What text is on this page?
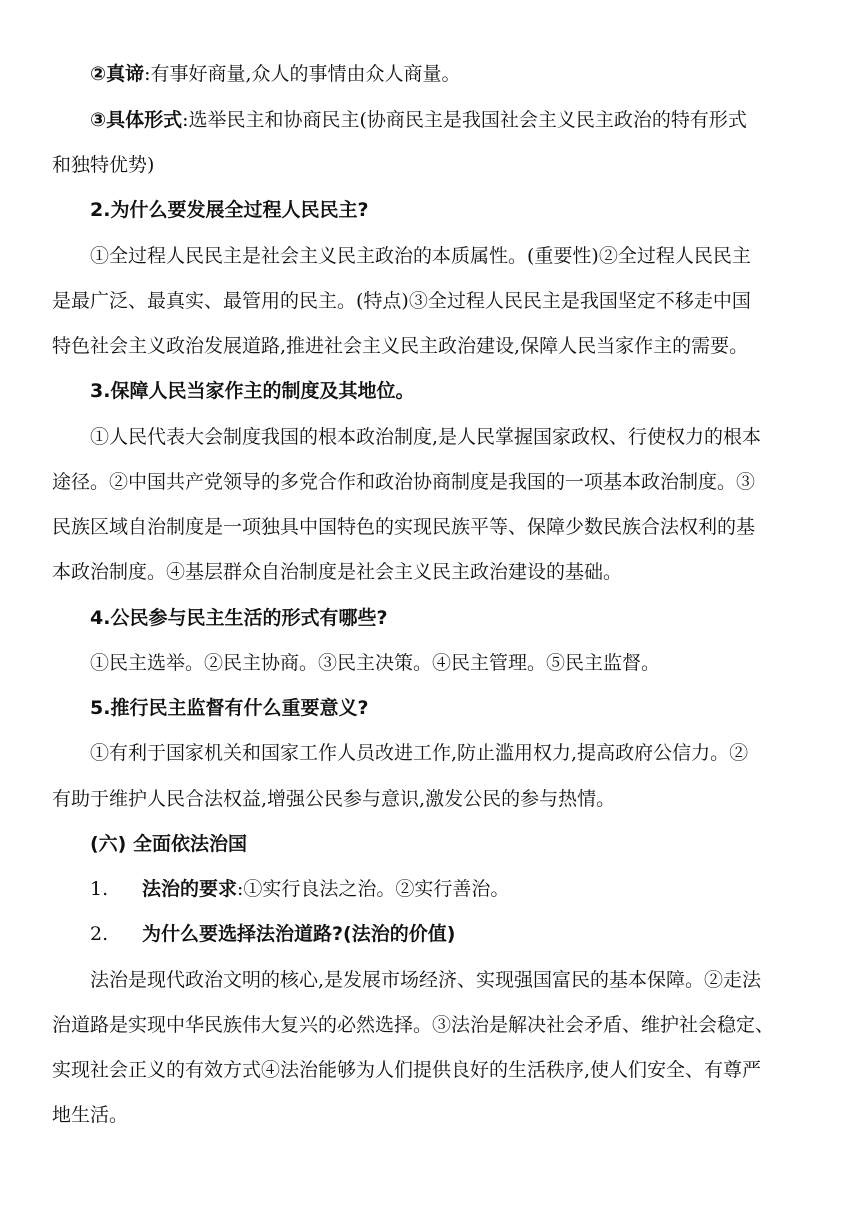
②真谛:有事好商量,众人的事情由众人商量。
③具体形式:选举民主和协商民主(协商民主是我国社会主义民主政治的特有形式
和独特优势)
2.为什么要发展全过程人民民主?
①全过程人民民主是社会主义民主政治的本质属性。(重要性)②全过程人民民主
是最广泛、最真实、最管用的民主。(特点)③全过程人民民主是我国坚定不移走中国
特色社会主义政治发展道路,推进社会主义民主政治建设,保障人民当家作主的需要。
3.保障人民当家作主的制度及其地位。
①人民代表大会制度我国的根本政治制度,是人民掌握国家政权、行使权力的根本
途径。②中国共产党领导的多党合作和政治协商制度是我国的一项基本政治制度。③
民族区域自治制度是一项独具中国特色的实现民族平等、保障少数民族合法权利的基
本政治制度。④基层群众自治制度是社会主义民主政治建设的基础。
4.公民参与民主生活的形式有哪些?
①民主选举。②民主协商。③民主决策。④民主管理。⑤民主监督。
5.推行民主监督有什么重要意义?
①有利于国家机关和国家工作人员改进工作,防止滥用权力,提高政府公信力。②
有助于维护人民合法权益,增强公民参与意识,激发公民的参与热情。
(六) 全面依法治国
1. 法治的要求:①实行良法之治。②实行善治。
2. 为什么要选择法治道路?(法治的价值)
法治是现代政治文明的核心,是发展市场经济、实现强国富民的基本保障。②走法
治道路是实现中华民族伟大复兴的必然选择。③法治是解决社会矛盾、维护社会稳定、
实现社会正义的有效方式④法治能够为人们提供良好的生活秩序,使人们安全、有尊严
地生活。
